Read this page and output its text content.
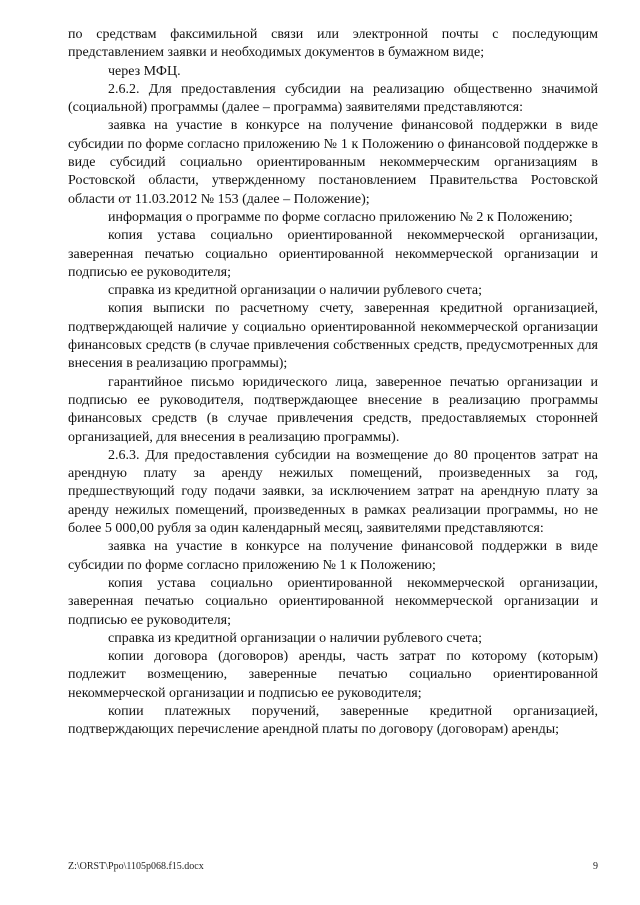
по средствам факсимильной связи или электронной почты с последующим представлением заявки и необходимых документов в бумажном виде;

через МФЦ.

2.6.2. Для предоставления субсидии на реализацию общественно значимой (социальной) программы (далее – программа) заявителями представляются:

заявка на участие в конкурсе на получение финансовой поддержки в виде субсидии по форме согласно приложению № 1 к Положению о финансовой поддержке в виде субсидий социально ориентированным некоммерческим организациям в Ростовской области, утвержденному постановлением Правительства Ростовской области от 11.03.2012 № 153 (далее – Положение);

информация о программе по форме согласно приложению № 2 к Положению;

копия устава социально ориентированной некоммерческой организации, заверенная печатью социально ориентированной некоммерческой организации и подписью ее руководителя;

справка из кредитной организации о наличии рублевого счета;

копия выписки по расчетному счету, заверенная кредитной организацией, подтверждающей наличие у социально ориентированной некоммерческой организации финансовых средств (в случае привлечения собственных средств, предусмотренных для внесения в реализацию программы);

гарантийное письмо юридического лица, заверенное печатью организации и подписью ее руководителя, подтверждающее внесение в реализацию программы финансовых средств (в случае привлечения средств, предоставляемых сторонней организацией, для внесения в реализацию программы).

2.6.3. Для предоставления субсидии на возмещение до 80 процентов затрат на арендную плату за аренду нежилых помещений, произведенных за год, предшествующий году подачи заявки, за исключением затрат на арендную плату за аренду нежилых помещений, произведенных в рамках реализации программы, но не более 5 000,00 рубля за один календарный месяц, заявителями представляются:

заявка на участие в конкурсе на получение финансовой поддержки в виде субсидии по форме согласно приложению № 1 к Положению;

копия устава социально ориентированной некоммерческой организации, заверенная печатью социально ориентированной некоммерческой организации и подписью ее руководителя;

справка из кредитной организации о наличии рублевого счета;

копии договора (договоров) аренды, часть затрат по которому (которым) подлежит возмещению, заверенные печатью социально ориентированной некоммерческой организации и подписью ее руководителя;

копии платежных поручений, заверенные кредитной организацией, подтверждающих перечисление арендной платы по договору (договорам) аренды;

Z:\ORST\Ppo\1105p068.f15.docx	9
